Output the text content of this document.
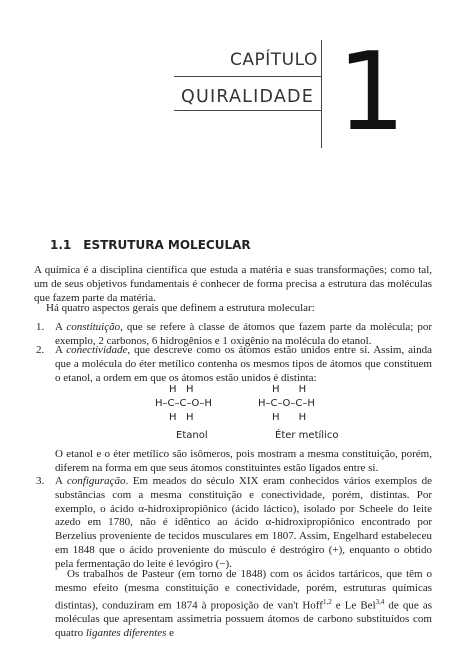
CAPÍTULO
QUIRALIDADE 1
1.1 ESTRUTURA MOLECULAR
A química é a disciplina científica que estuda a matéria e suas transformações; como tal, um de seus objetivos fundamentais é conhecer de forma precisa a estrutura das moléculas que fazem parte da matéria.
Há quatro aspectos gerais que definem a estrutura molecular:
1. A constituição, que se refere à classe de átomos que fazem parte da molécula; por exemplo, 2 carbonos, 6 hidrogênios e 1 oxigênio na molécula do etanol.
2. A conectividade, que descreve como os átomos estão unidos entre si. Assim, ainda que a molécula do éter metílico contenha os mesmos tipos de átomos que constituem o etanol, a ordem em que os átomos estão unidos é distinta:
H   H
H–C–C–O–H
H   H
Etanol
H      H
H–C–O–C–H
H      H
Éter metílico
O etanol e o éter metílico são isômeros, pois mostram a mesma constituição, porém, diferem na forma em que seus átomos constituintes estão ligados entre si.
3. A configuração. Em meados do século XIX eram conhecidos vários exemplos de substâncias com a mesma constituição e conectividade, porém, distintas. Por exemplo, o ácido α-hidroxipropiônico (ácido láctico), isolado por Scheele do leite azedo em 1780, não é idêntico ao ácido α-hidroxipropiônico encontrado por Berzelius proveniente de tecidos musculares em 1807. Assim, Engelhard estabeleceu em 1848 que o ácido proveniente do músculo é destrógiro (+), enquanto o obtido pela fermentação do leite é levógiro (−).
Os trabalhos de Pasteur (em torno de 1848) com os ácidos tartáricos, que têm o mesmo efeito (mesma constituição e conectividade, porém, estruturas químicas distintas), conduziram em 1874 à proposição de van't Hoff$^{1,2}$ e Le Bel$^{3,4}$ de que as moléculas que apresentam assimetria possuem átomos de carbono substituídos com quatro ligantes diferentes e
